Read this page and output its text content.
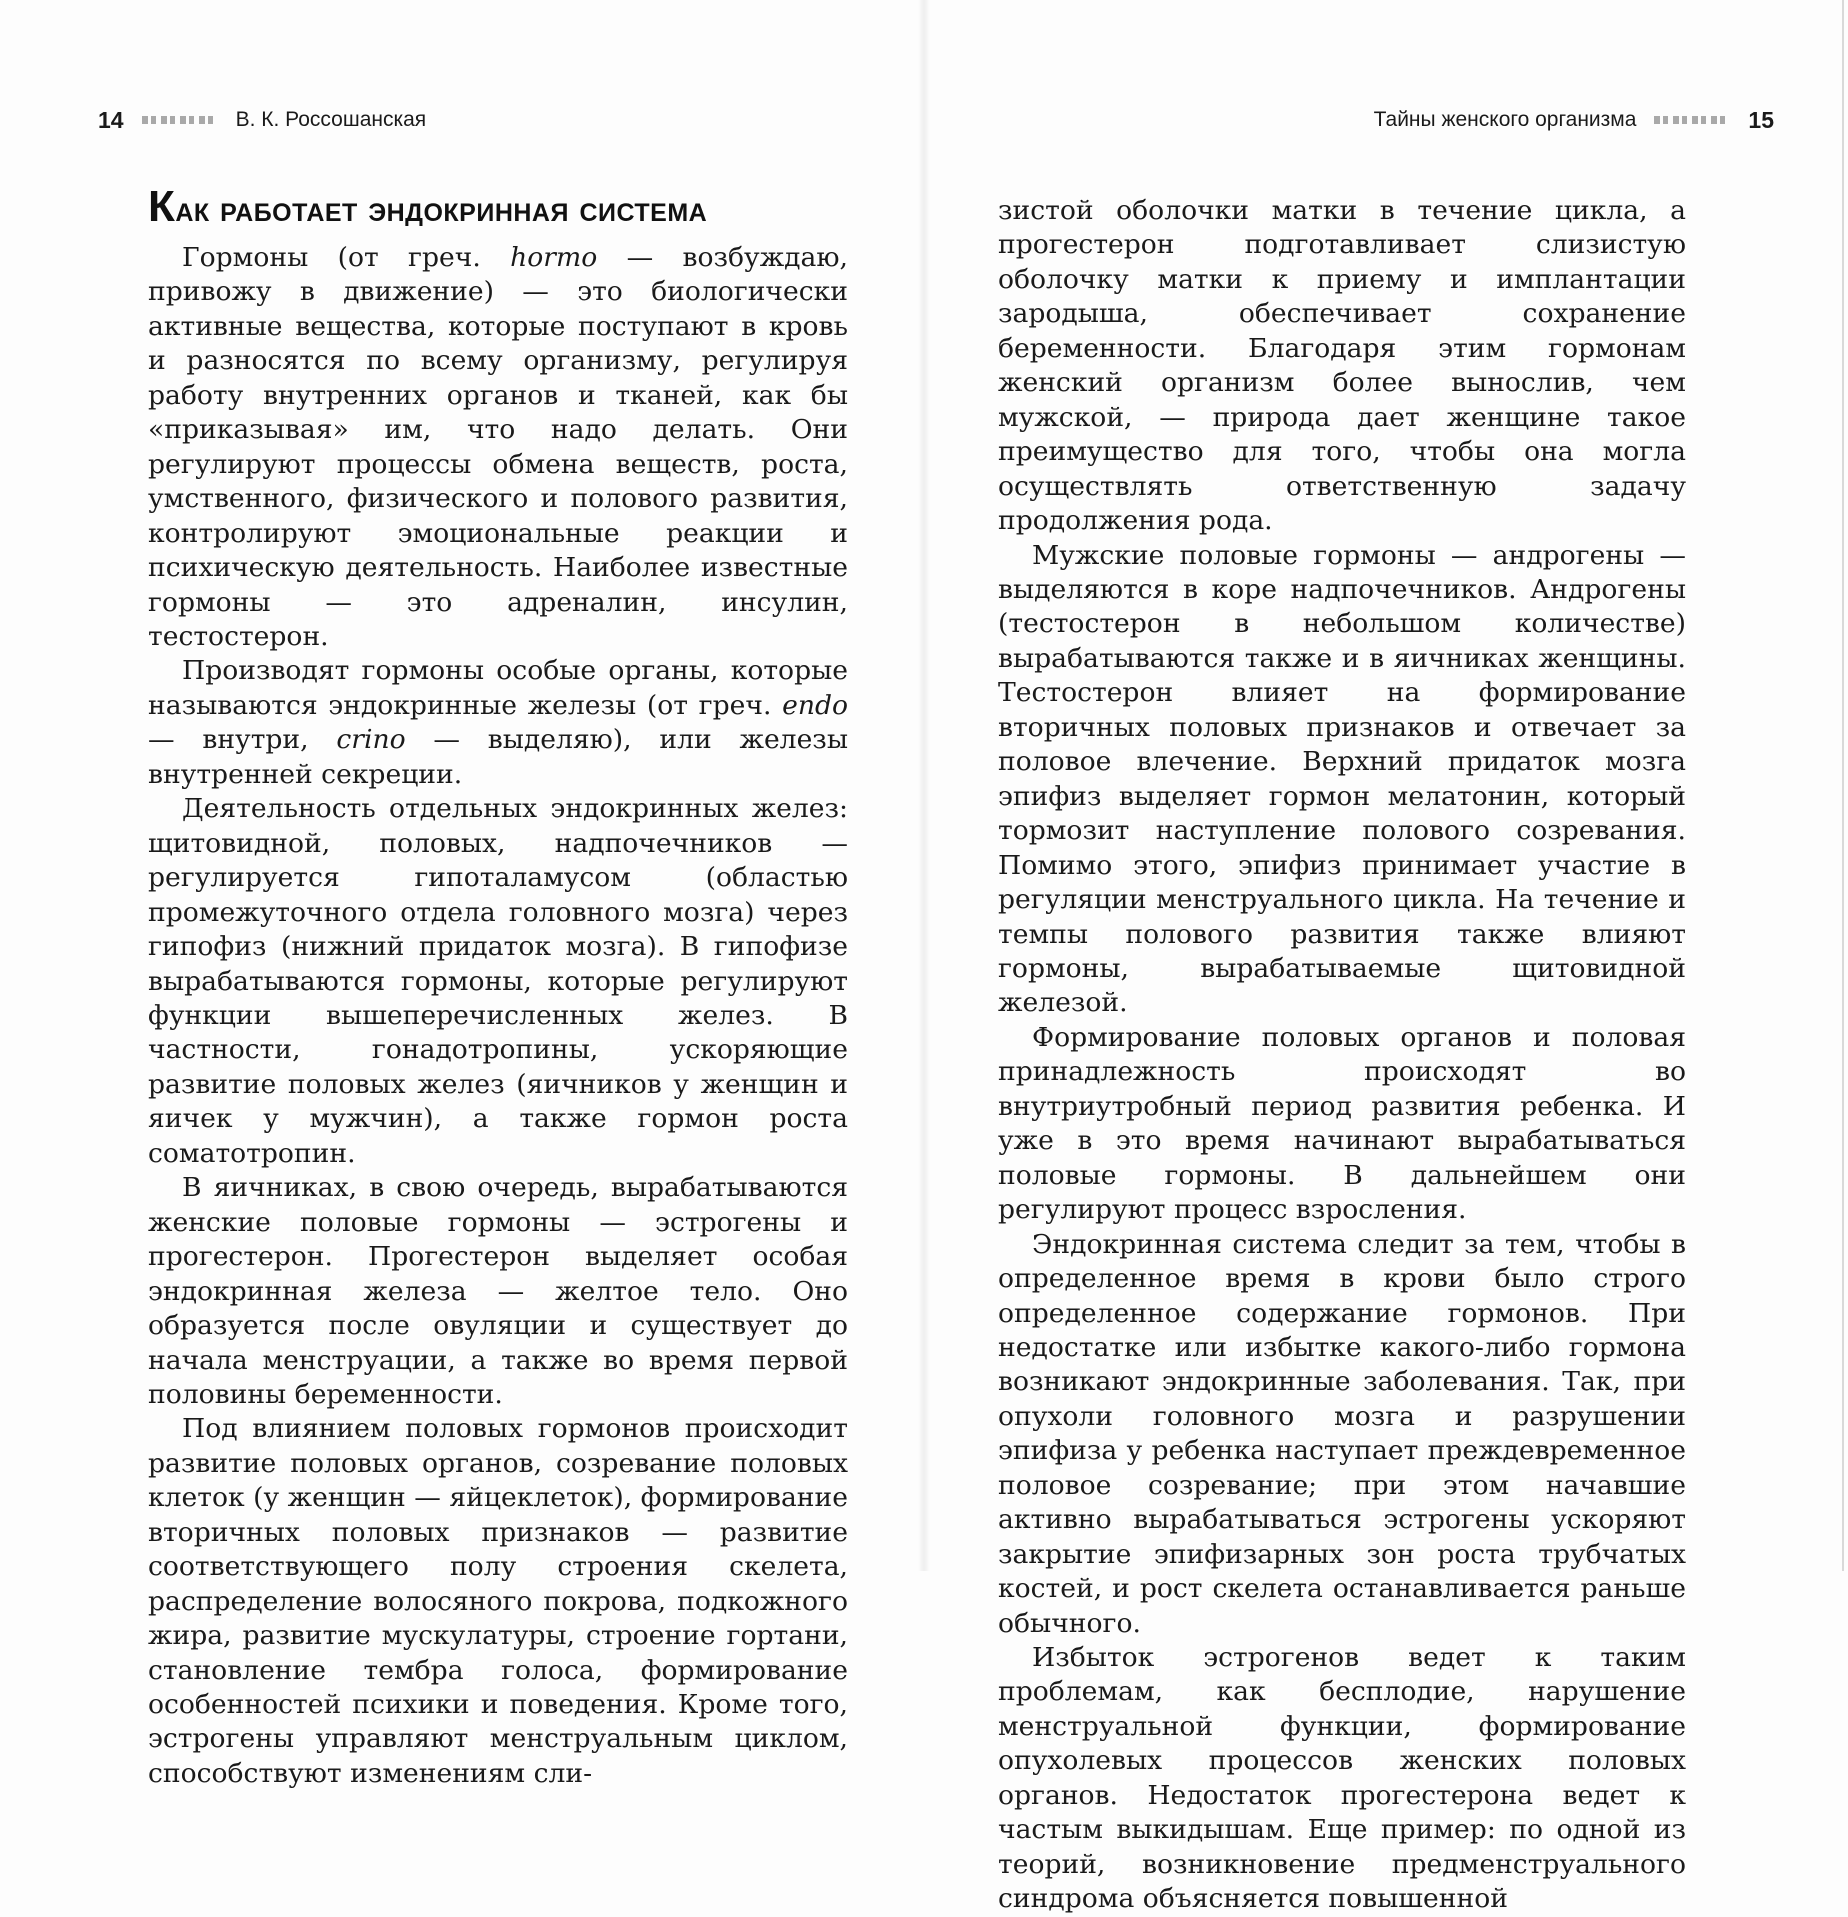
14	В. К. Россошанская
Как работает эндокринная система

Гормоны (от греч. hormo — возбуждаю, привожу в движение) — это биологически активные вещества, которые поступают в кровь и разносятся по всему организму, регулируя работу внутренних органов и тканей, как бы «приказывая» им, что надо делать. Они регулируют процессы обмена веществ, роста, умственного, физического и полового развития, контролируют эмоциональные реакции и психическую деятельность. Наиболее известные гормоны — это адреналин, инсулин, тестостерон.

Производят гормоны особые органы, которые называются эндокринные железы (от греч. endo — внутри, crino — выделяю), или железы внутренней секреции.

Деятельность отдельных эндокринных желез: щитовидной, половых, надпочечников — регулируется гипоталамусом (областью промежуточного отдела головного мозга) через гипофиз (нижний придаток мозга). В гипофизе вырабатываются гормоны, которые регулируют функции вышеперечисленных желез. В частности, гонадотропины, ускоряющие развитие половых желез (яичников у женщин и яичек у мужчин), а также гормон роста соматотропин.

В яичниках, в свою очередь, вырабатываются женские половые гормоны — эстрогены и прогестерон. Прогестерон выделяет особая эндокринная железа — желтое тело. Оно образуется после овуляции и существует до начала менструации, а также во время первой половины беременности.

Под влиянием половых гормонов происходит развитие половых органов, созревание половых клеток (у женщин — яйцеклеток), формирование вторичных половых признаков — развитие соответствующего полу строения скелета, распределение волосяного покрова, подкожного жира, развитие мускулатуры, строение гортани, становление тембра голоса, формирование особенностей психики и поведения. Кроме того, эстрогены управляют менструальным циклом, способствуют изменениям сли-

Тайны женского организма	15

зистой оболочки матки в течение цикла, а прогестерон подготавливает слизистую оболочку матки к приему и имплантации зародыша, обеспечивает сохранение беременности. Благодаря этим гормонам женский организм более вынослив, чем мужской, — природа дает женщине такое преимущество для того, чтобы она могла осуществлять ответственную задачу продолжения рода.

Мужские половые гормоны — андрогены — выделяются в коре надпочечников. Андрогены (тестостерон в небольшом количестве) вырабатываются также и в яичниках женщины. Тестостерон влияет на формирование вторичных половых признаков и отвечает за половое влечение. Верхний придаток мозга эпифиз выделяет гормон мелатонин, который тормозит наступление полового созревания. Помимо этого, эпифиз принимает участие в регуляции менструального цикла. На течение и темпы полового развития также влияют гормоны, вырабатываемые щитовидной железой.

Формирование половых органов и половая принадлежность происходят во внутриутробный период развития ребенка. И уже в это время начинают вырабатываться половые гормоны. В дальнейшем они регулируют процесс взросления.

Эндокринная система следит за тем, чтобы в определенное время в крови было строго определенное содержание гормонов. При недостатке или избытке какого-либо гормона возникают эндокринные заболевания. Так, при опухоли головного мозга и разрушении эпифиза у ребенка наступает преждевременное половое созревание; при этом начавшие активно вырабатываться эстрогены ускоряют закрытие эпифизарных зон роста трубчатых костей, и рост скелета останавливается раньше обычного.

Избыток эстрогенов ведет к таким проблемам, как бесплодие, нарушение менструальной функции, формирование опухолевых процессов женских половых органов. Недостаток прогестерона ведет к частым выкидышам. Еще пример: по одной из теорий, возникновение предменструального синдрома объясняется повышенной
